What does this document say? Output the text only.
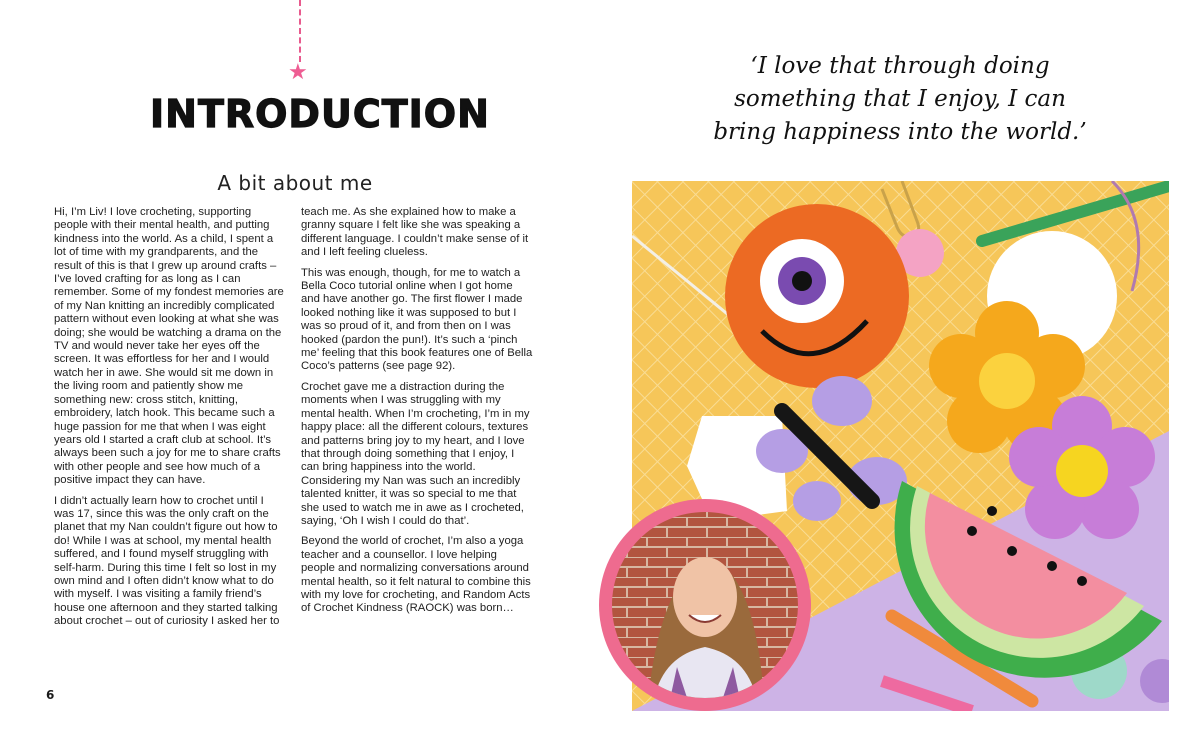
★
INTRODUCTION
A bit about me

Hi, I’m Liv! I love crocheting, supporting people with their mental health, and putting kindness into the world. As a child, I spent a lot of time with my grandparents, and the result of this is that I grew up around crafts – I’ve loved crafting for as long as I can remember. Some of my fondest memories are of my Nan knitting an incredibly complicated pattern without even looking at what she was doing; she would be watching a drama on the TV and would never take her eyes off the screen. It was effortless for her and I would watch her in awe. She would sit me down in the living room and patiently show me something new: cross stitch, knitting, embroidery, latch hook. This became such a huge passion for me that when I was eight years old I started a craft club at school. It’s always been such a joy for me to share crafts with other people and see how much of a positive impact they can have.

I didn’t actually learn how to crochet until I was 17, since this was the only craft on the planet that my Nan couldn’t figure out how to do! While I was at school, my mental health suffered, and I found myself struggling with self-harm. During this time I felt so lost in my own mind and I often didn’t know what to do with myself. I was visiting a family friend’s house one afternoon and they started talking about crochet – out of curiosity I asked her to

teach me. As she explained how to make a granny square I felt like she was speaking a different language. I couldn’t make sense of it and I left feeling clueless.

This was enough, though, for me to watch a Bella Coco tutorial online when I got home and have another go. The first flower I made looked nothing like it was supposed to but I was so proud of it, and from then on I was hooked (pardon the pun!). It’s such a ‘pinch me’ feeling that this book features one of Bella Coco’s patterns (see page 92).

Crochet gave me a distraction during the moments when I was struggling with my mental health. When I’m crocheting, I’m in my happy place: all the different colours, textures and patterns bring joy to my heart, and I love that through doing something that I enjoy, I can bring happiness into the world. Considering my Nan was such an incredibly talented knitter, it was so special to me that she used to watch me in awe as I crocheted, saying, ‘Oh I wish I could do that’.

Beyond the world of crochet, I’m also a yoga teacher and a counsellor. I love helping people and normalizing conversations around mental health, so it felt natural to combine this with my love for crocheting, and Random Acts of Crochet Kindness (RAOCK) was born…

6
‘I love that through doing
something that I enjoy, I can
bring happiness into the world.’
